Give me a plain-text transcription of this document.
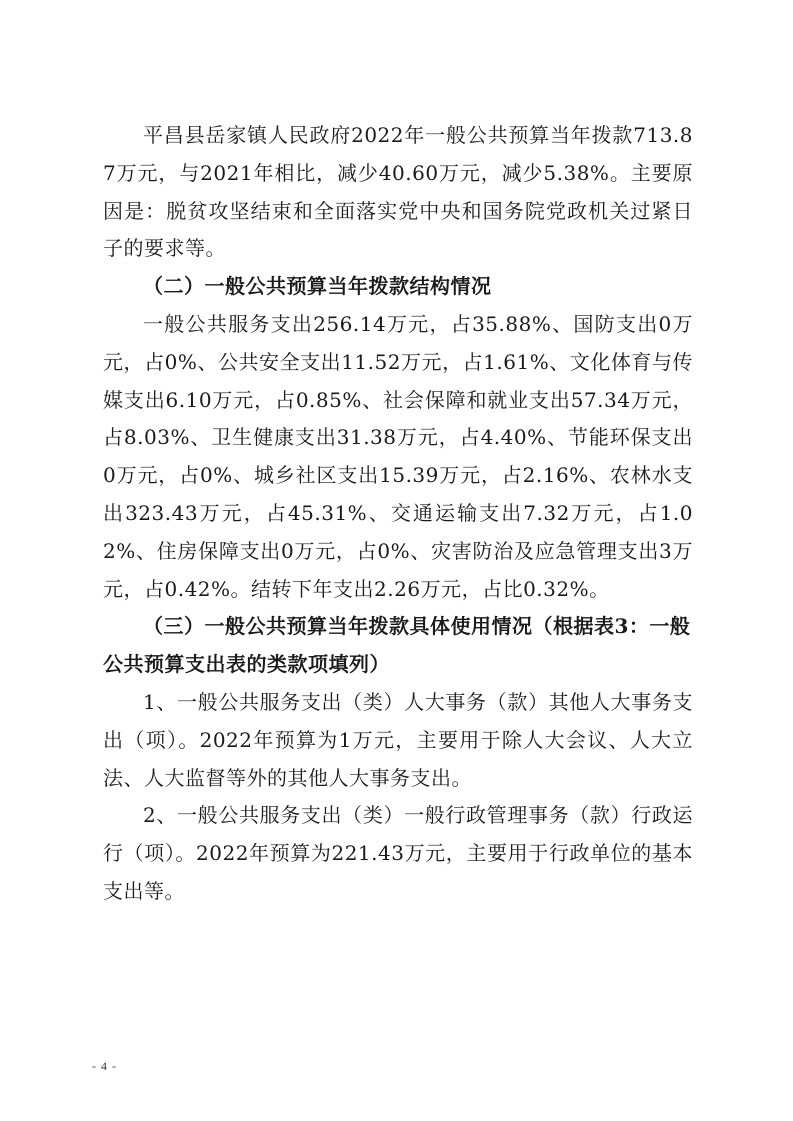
平昌县岳家镇人民政府2022年一般公共预算当年拨款713.87万元，与2021年相比，减少40.60万元，减少5.38%。主要原因是：脱贫攻坚结束和全面落实党中央和国务院党政机关过紧日子的要求等。

（二）一般公共预算当年拨款结构情况

一般公共服务支出256.14万元，占35.88%、国防支出0万元，占0%、公共安全支出11.52万元，占1.61%、文化体育与传媒支出6.10万元，占0.85%、社会保障和就业支出57.34万元，占8.03%、卫生健康支出31.38万元，占4.40%、节能环保支出0万元，占0%、城乡社区支出15.39万元，占2.16%、农林水支出323.43万元，占45.31%、交通运输支出7.32万元，占1.02%、住房保障支出0万元，占0%、灾害防治及应急管理支出3万元，占0.42%。结转下年支出2.26万元，占比0.32%。

（三）一般公共预算当年拨款具体使用情况（根据表3：一般公共预算支出表的类款项填列）

1、一般公共服务支出（类）人大事务（款）其他人大事务支出（项）。2022年预算为1万元，主要用于除人大会议、人大立法、人大监督等外的其他人大事务支出。

2、一般公共服务支出（类）一般行政管理事务（款）行政运行（项）。2022年预算为221.43万元，主要用于行政单位的基本支出等。

- 4 -
